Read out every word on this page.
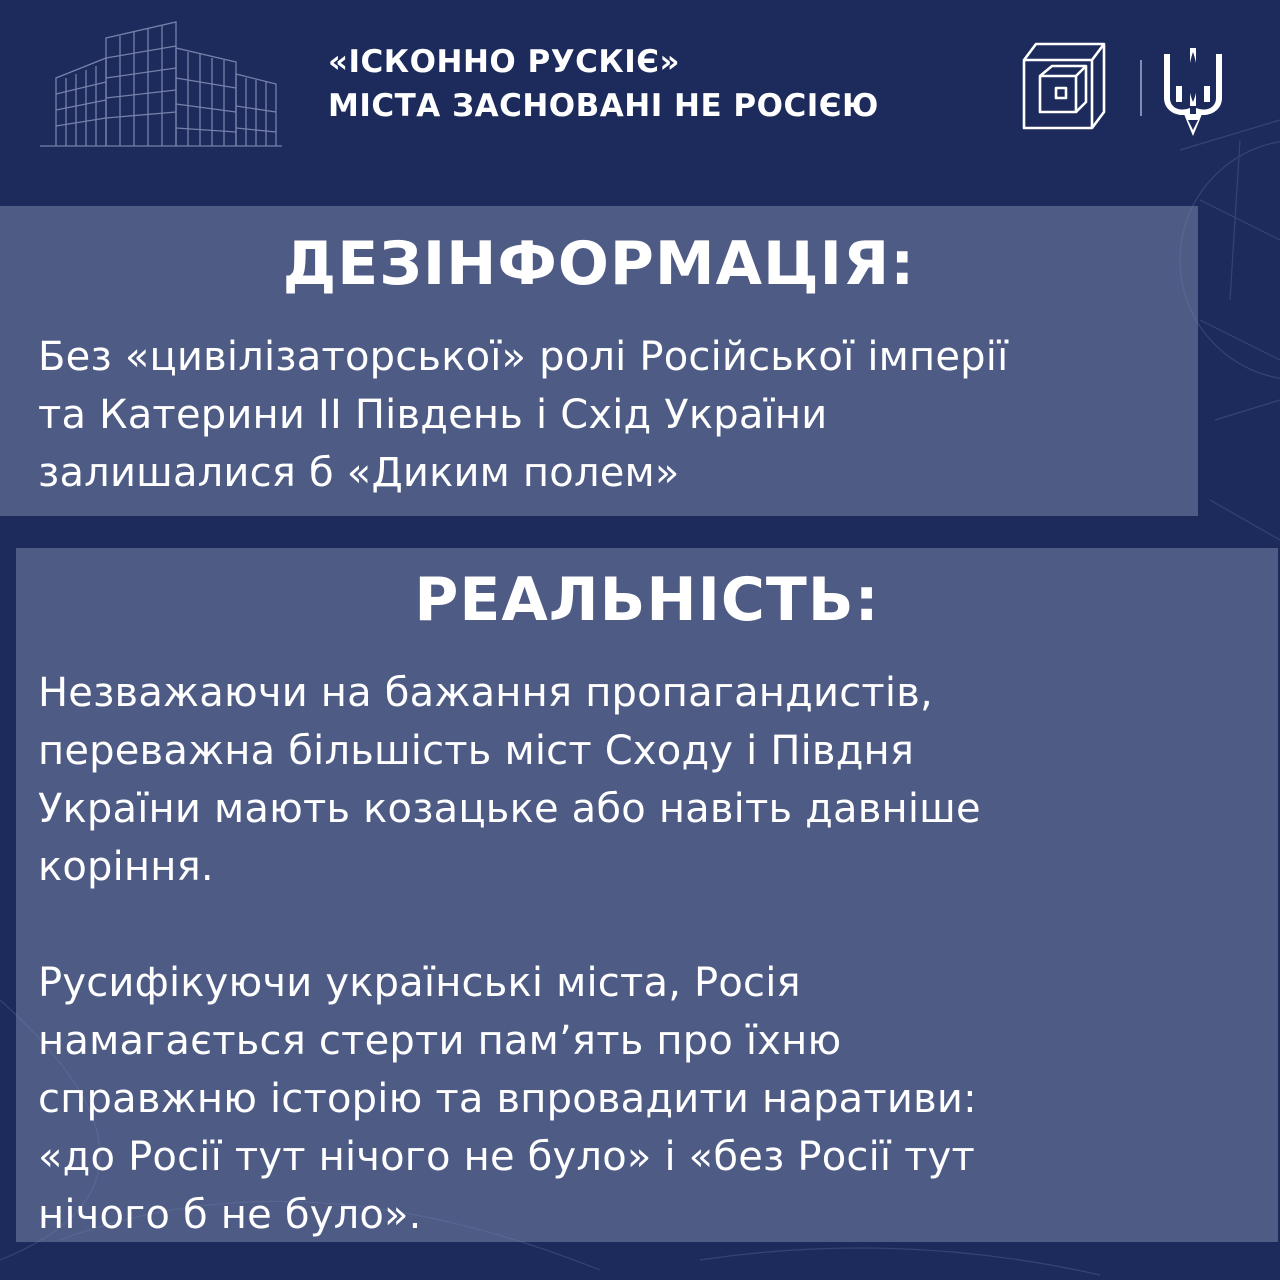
«ІСКОННО РУСКІЄ»
МІСТА ЗАСНОВАНІ НЕ РОСІЄЮ
ДЕЗІНФОРМАЦІЯ:
Без «цивілізаторської» ролі Російської імперії
та Катерини II Південь і Схід України
залишалися б «Диким полем»
РЕАЛЬНІСТЬ:
Незважаючи на бажання пропагандистів,
переважна більшість міст Сходу і Півдня
України мають козацьке або навіть давніше
коріння.
Русифікуючи українські міста, Росія
намагається стерти пам’ять про їхню
справжню історію та впровадити наративи:
«до Росії тут нічого не було» і «без Росії тут
нічого б не було».
